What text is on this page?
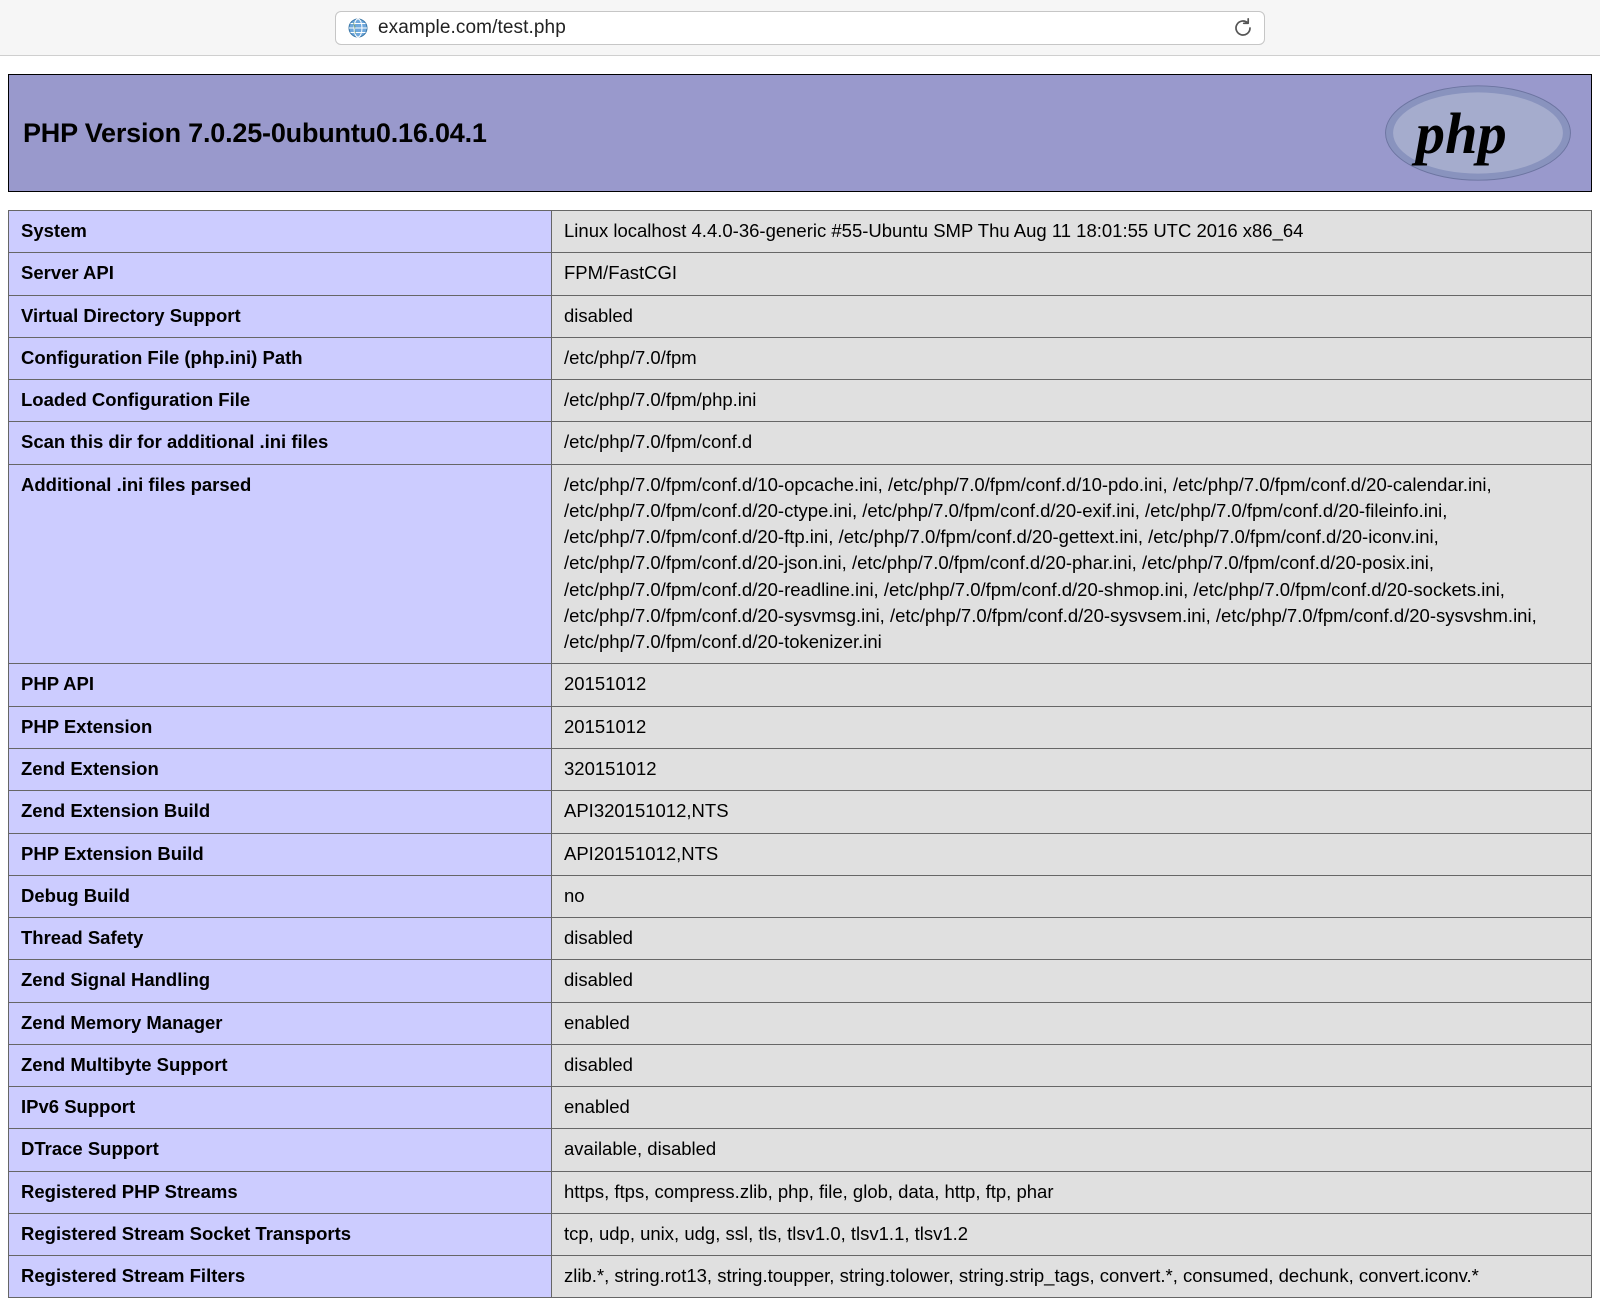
example.com/test.php
PHP Version 7.0.25-0ubuntu0.16.04.1	php
System	Linux localhost 4.4.0-36-generic #55-Ubuntu SMP Thu Aug 11 18:01:55 UTC 2016 x86_64
Server API	FPM/FastCGI
Virtual Directory Support	disabled
Configuration File (php.ini) Path	/etc/php/7.0/fpm
Loaded Configuration File	/etc/php/7.0/fpm/php.ini
Scan this dir for additional .ini files	/etc/php/7.0/fpm/conf.d
Additional .ini files parsed	/etc/php/7.0/fpm/conf.d/10-opcache.ini, /etc/php/7.0/fpm/conf.d/10-pdo.ini, /etc/php/7.0/fpm/conf.d/20-calendar.ini, /etc/php/7.0/fpm/conf.d/20-ctype.ini, /etc/php/7.0/fpm/conf.d/20-exif.ini, /etc/php/7.0/fpm/conf.d/20-fileinfo.ini, /etc/php/7.0/fpm/conf.d/20-ftp.ini, /etc/php/7.0/fpm/conf.d/20-gettext.ini, /etc/php/7.0/fpm/conf.d/20-iconv.ini, /etc/php/7.0/fpm/conf.d/20-json.ini, /etc/php/7.0/fpm/conf.d/20-phar.ini, /etc/php/7.0/fpm/conf.d/20-posix.ini, /etc/php/7.0/fpm/conf.d/20-readline.ini, /etc/php/7.0/fpm/conf.d/20-shmop.ini, /etc/php/7.0/fpm/conf.d/20-sockets.ini, /etc/php/7.0/fpm/conf.d/20-sysvmsg.ini, /etc/php/7.0/fpm/conf.d/20-sysvsem.ini, /etc/php/7.0/fpm/conf.d/20-sysvshm.ini, /etc/php/7.0/fpm/conf.d/20-tokenizer.ini
PHP API	20151012
PHP Extension	20151012
Zend Extension	320151012
Zend Extension Build	API320151012,NTS
PHP Extension Build	API20151012,NTS
Debug Build	no
Thread Safety	disabled
Zend Signal Handling	disabled
Zend Memory Manager	enabled
Zend Multibyte Support	disabled
IPv6 Support	enabled
DTrace Support	available, disabled
Registered PHP Streams	https, ftps, compress.zlib, php, file, glob, data, http, ftp, phar
Registered Stream Socket Transports	tcp, udp, unix, udg, ssl, tls, tlsv1.0, tlsv1.1, tlsv1.2
Registered Stream Filters	zlib.*, string.rot13, string.toupper, string.tolower, string.strip_tags, convert.*, consumed, dechunk, convert.iconv.*
